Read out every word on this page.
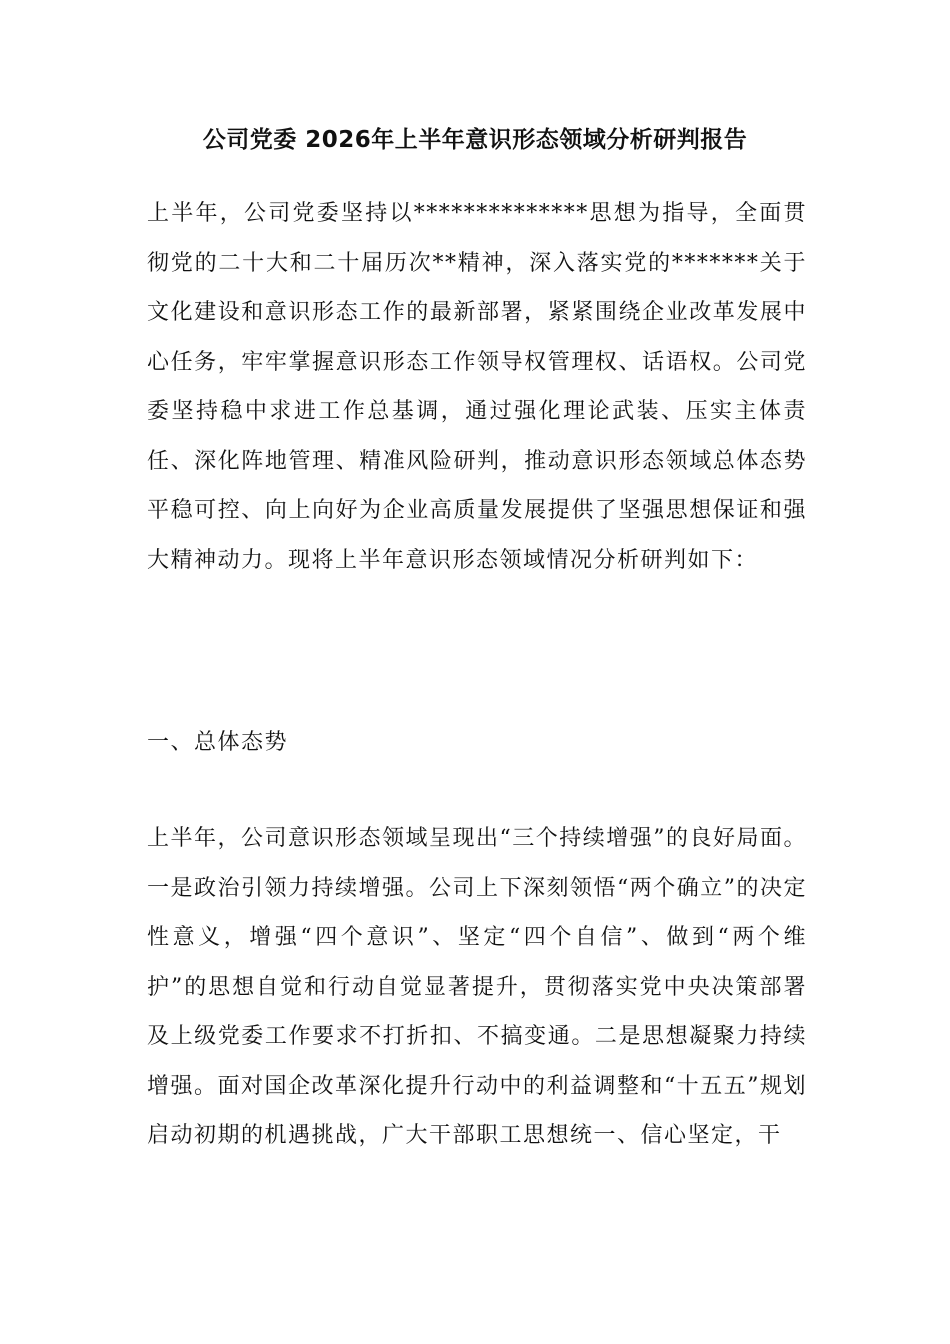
公司党委 2026年上半年意识形态领域分析研判报告

上半年，公司党委坚持以**************思想为指导，全面贯彻党的二十大和二十届历次**精神，深入落实党的*******关于文化建设和意识形态工作的最新部署，紧紧围绕企业改革发展中心任务，牢牢掌握意识形态工作领导权管理权、话语权。公司党委坚持稳中求进工作总基调，通过强化理论武装、压实主体责任、深化阵地管理、精准风险研判，推动意识形态领域总体态势平稳可控、向上向好为企业高质量发展提供了坚强思想保证和强大精神动力。现将上半年意识形态领域情况分析研判如下：

一、总体态势

上半年，公司意识形态领域呈现出“三个持续增强”的良好局面。一是政治引领力持续增强。公司上下深刻领悟“两个确立”的决定性意义，增强“四个意识”、坚定“四个自信”、做到“两个维护”的思想自觉和行动自觉显著提升，贯彻落实党中央决策部署及上级党委工作要求不打折扣、不搞变通。二是思想凝聚力持续增强。面对国企改革深化提升行动中的利益调整和“十五五”规划启动初期的机遇挑战，广大干部职工思想统一、信心坚定，干
